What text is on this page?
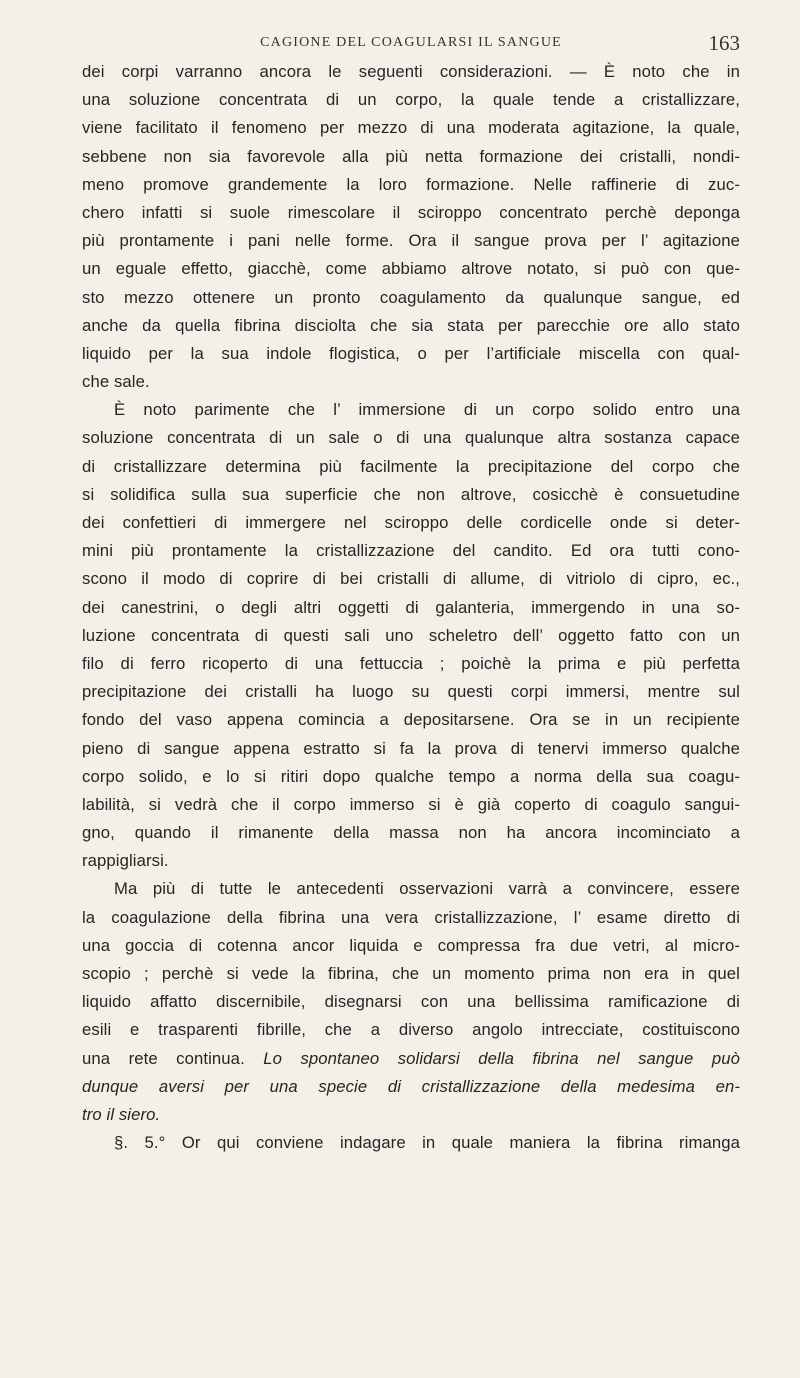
CAGIONE DEL COAGULARSI IL SANGUE	163
dei corpi varranno ancora le seguenti considerazioni. — È noto che in
una soluzione concentrata di un corpo, la quale tende a cristallizzare,
viene facilitato il fenomeno per mezzo di una moderata agitazione, la quale,
sebbene non sia favorevole alla più netta formazione dei cristalli, nondi-
meno promove grandemente la loro formazione. Nelle raffinerie di zuc-
chero infatti si suole rimescolare il sciroppo concentrato perchè deponga
più prontamente i pani nelle forme. Ora il sangue prova per l’ agitazione
un eguale effetto, giacchè, come abbiamo altrove notato, si può con que-
sto mezzo ottenere un pronto coagulamento da qualunque sangue, ed
anche da quella fibrina disciolta che sia stata per parecchie ore allo stato
liquido per la sua indole flogistica, o per l’artificiale miscella con qual-
che sale.
È noto parimente che l’ immersione di un corpo solido entro una
soluzione concentrata di un sale o di una qualunque altra sostanza capace
di cristallizzare determina più facilmente la precipitazione del corpo che
si solidifica sulla sua superficie che non altrove, cosicchè è consuetudine
dei confettieri di immergere nel sciroppo delle cordicelle onde si deter-
mini più prontamente la cristallizzazione del candito. Ed ora tutti cono-
scono il modo di coprire di bei cristalli di allume, di vitriolo di cipro, ec.,
dei canestrini, o degli altri oggetti di galanteria, immergendo in una so-
luzione concentrata di questi sali uno scheletro dell’ oggetto fatto con un
filo di ferro ricoperto di una fettuccia ; poichè la prima e più perfetta
precipitazione dei cristalli ha luogo su questi corpi immersi, mentre sul
fondo del vaso appena comincia a depositarsene. Ora se in un recipiente
pieno di sangue appena estratto si fa la prova di tenervi immerso qualche
corpo solido, e lo si ritiri dopo qualche tempo a norma della sua coagu-
labilità, si vedrà che il corpo immerso si è già coperto di coagulo sangui-
gno, quando il rimanente della massa non ha ancora incominciato a
rappigliarsi.
Ma più di tutte le antecedenti osservazioni varrà a convincere, essere
la coagulazione della fibrina una vera cristallizzazione, l’ esame diretto di
una goccia di cotenna ancor liquida e compressa fra due vetri, al micro-
scopio ; perchè si vede la fibrina, che un momento prima non era in quel
liquido affatto discernibile, disegnarsi con una bellissima ramificazione di
esili e trasparenti fibrille, che a diverso angolo intrecciate, costituiscono
una rete continua. Lo spontaneo solidarsi della fibrina nel sangue può
dunque aversi per una specie di cristallizzazione della medesima en-
tro il siero.
§. 5.° Or qui conviene indagare in quale maniera la fibrina rimanga
